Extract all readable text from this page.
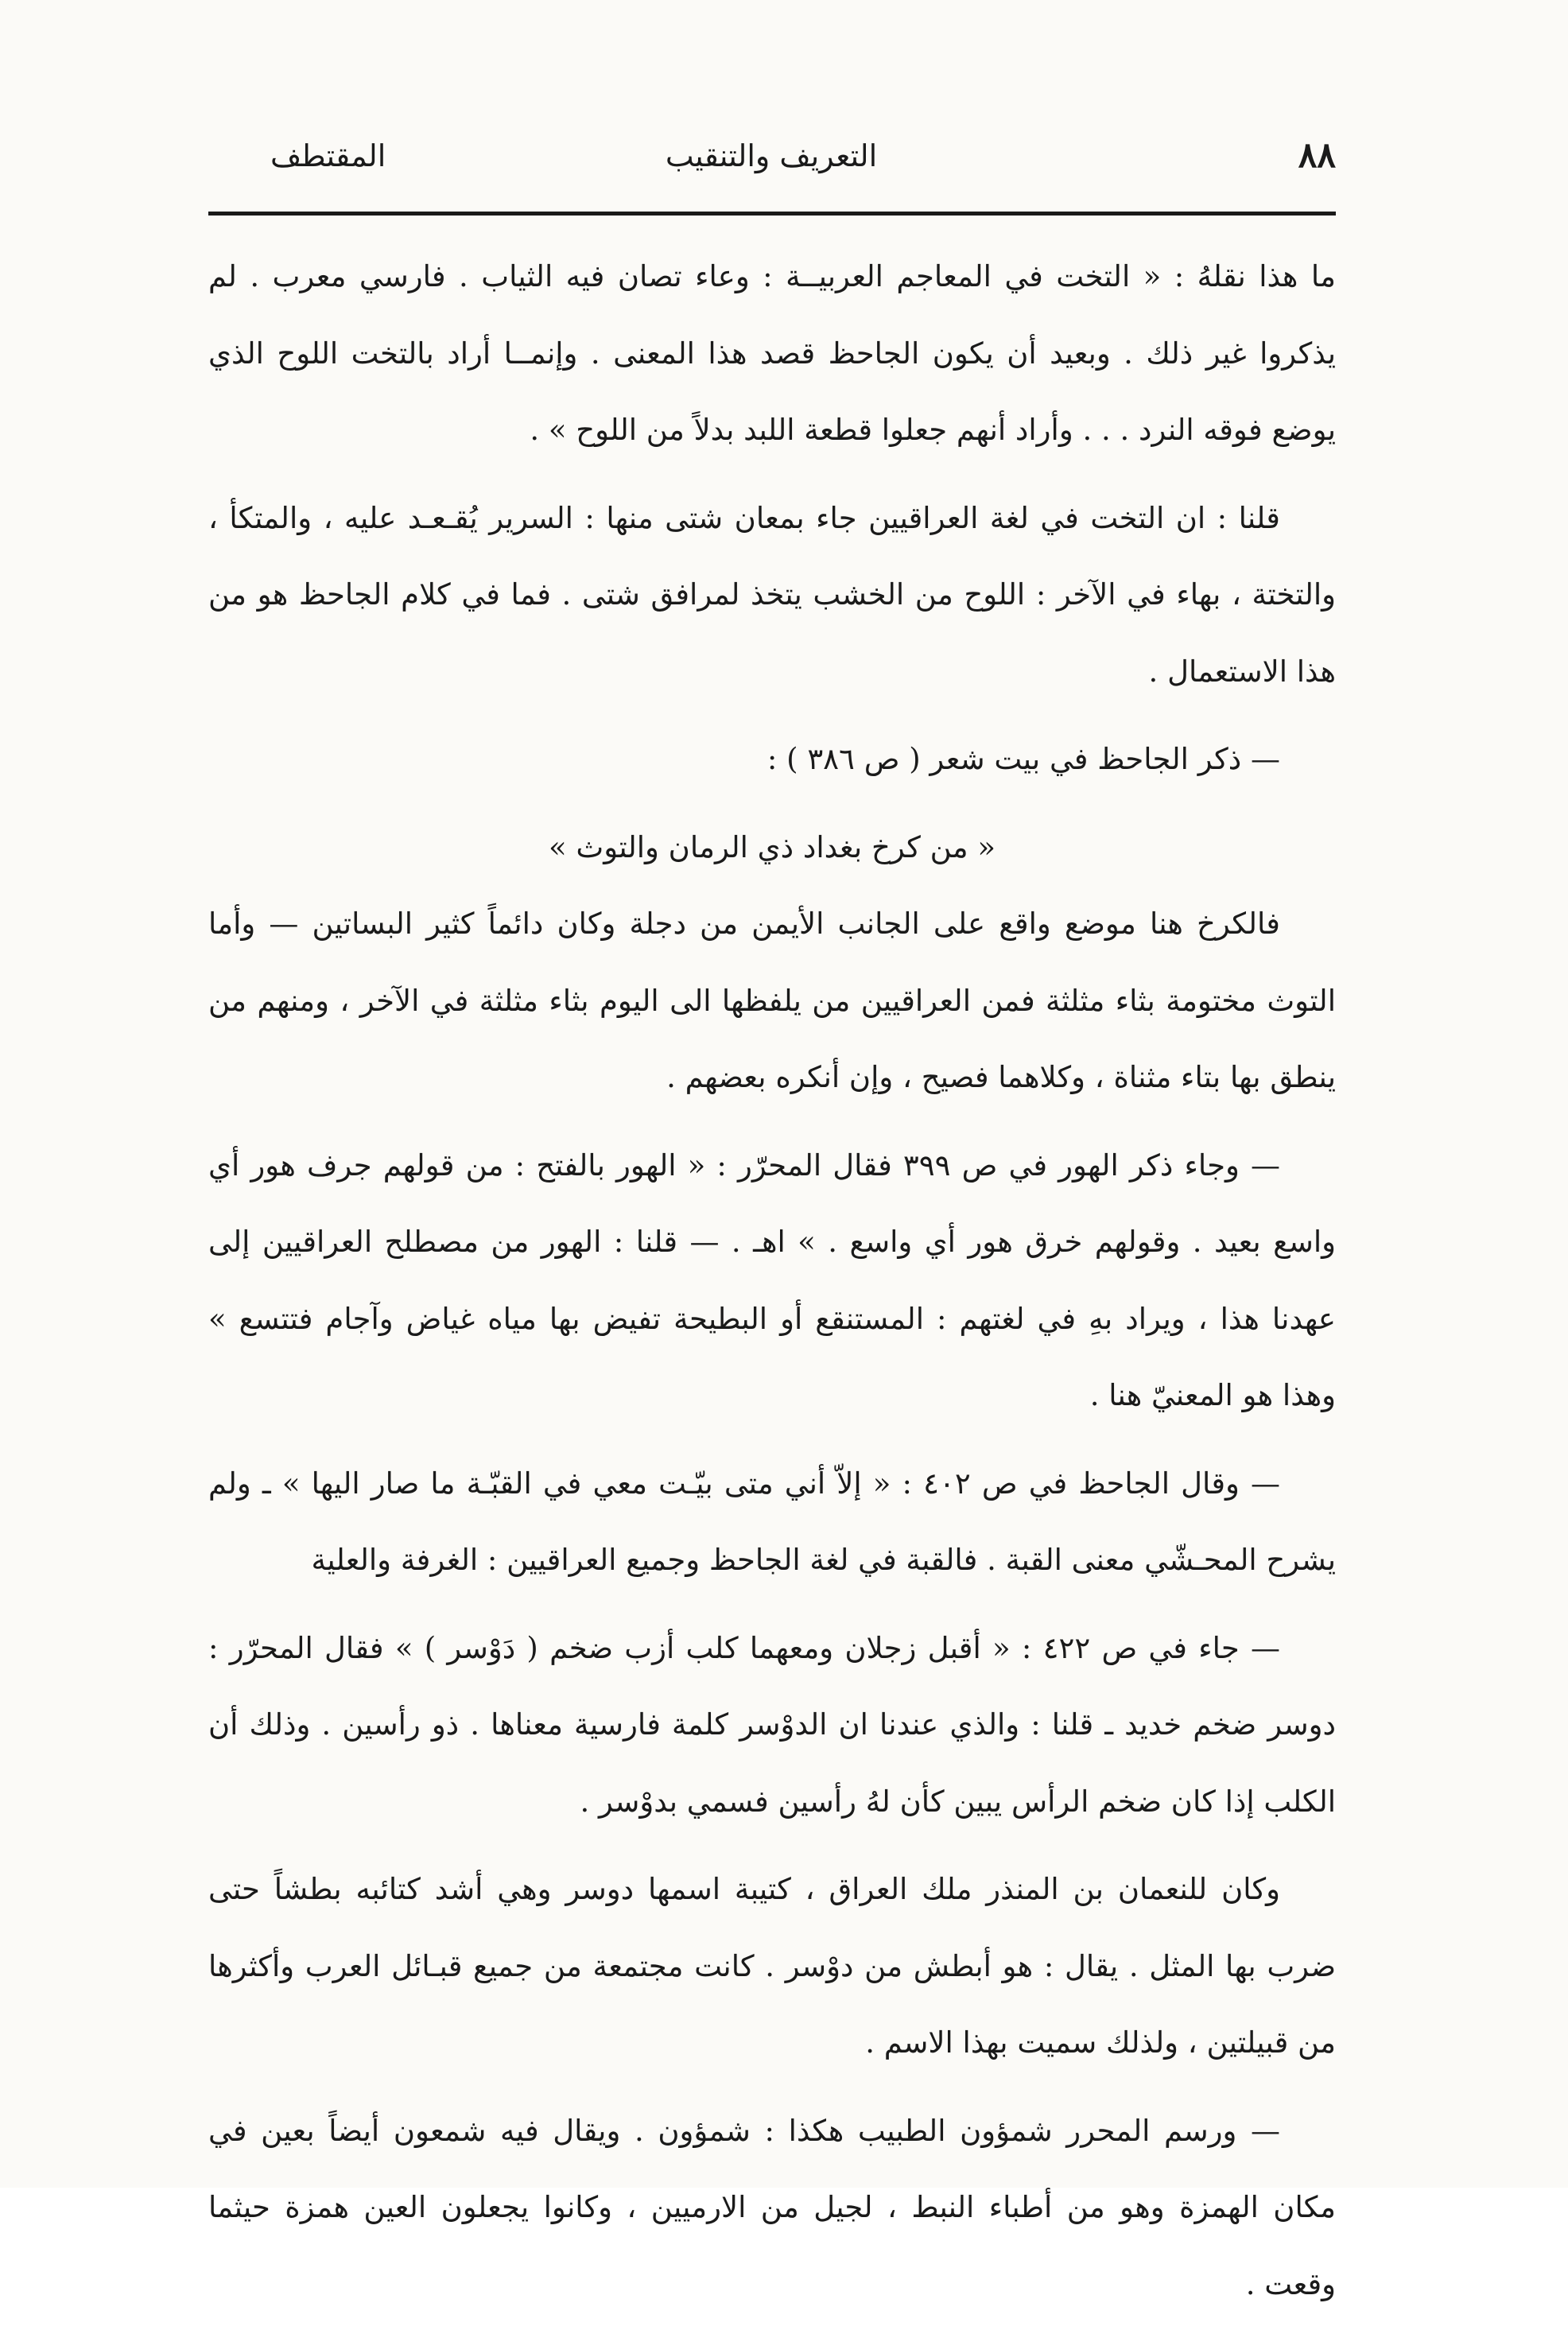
٨٨
التعريف والتنقيب
المقتطف

ما هذا نقلهُ : « التخت في المعاجم العربيــة : وعاء تصان فيه الثياب . فارسي معرب . لم يذكروا غير ذلك . وبعيد أن يكون الجاحظ قصد هذا المعنى . وإنمــا أراد بالتخت اللوح الذي يوضع فوقه النرد . . . وأراد أنهم جعلوا قطعة اللبد بدلاً من اللوح » .

قلنا : ان التخت في لغة العراقيين جاء بمعان شتى منها : السرير يُقـعـد عليه ، والمتكأ ، والتختة ، بهاء في الآخر : اللوح من الخشب يتخذ لمرافق شتى . فما في كلام الجاحظ هو من هذا الاستعمال .

— ذكر الجاحظ في بيت شعر ( ص ٣٨٦ ) :

« من كرخ بغداد ذي الرمان والتوث »

فالكرخ هنا موضع واقع على الجانب الأيمن من دجلة وكان دائماً كثير البساتين — وأما التوث مختومة بثاء مثلثة فمن العراقيين من يلفظها الى اليوم بثاء مثلثة في الآخر ، ومنهم من ينطق بها بتاء مثناة ، وكلاهما فصيح ، وإن أنكره بعضهم .

— وجاء ذكر الهور في ص ٣٩٩ فقال المحرّر : « الهور بالفتح : من قولهم جرف هور أي واسع بعيد . وقولهم خرق هور أي واسع . » اهـ . — قلنا : الهور من مصطلح العراقيين إلى عهدنا هذا ، ويراد بهِ في لغتهم : المستنقع أو البطيحة تفيض بها مياه غياض وآجام فتتسع » وهذا هو المعنيّ هنا .

— وقال الجاحظ في ص ٤٠٢ : « إلاّ أني متى بيّـت معي في القبّـة ما صار اليها » ـ ولم يشرح المحـشّي معنى القبة . فالقبة في لغة الجاحظ وجميع العراقيين : الغرفة والعلية

— جاء في ص ٤٢٢ : « أقبل زجلان ومعهما كلب أزب ضخم ( دَوْسر ) » فقال المحرّر : دوسر ضخم خديد ـ قلنا : والذي عندنا ان الدوْسر كلمة فارسية معناها . ذو رأسين . وذلك أن الكلب إذا كان ضخم الرأس يبين كأن لهُ رأسين فسمي بدوْسر .

وكان للنعمان بن المنذر ملك العراق ، كتيبة اسمها دوسر وهي أشد كتائبه بطشاً حتى ضرب بها المثل . يقال : هو أبطش من دوْسر . كانت مجتمعة من جميع قبـائل العرب وأكثرها من قبيلتين ، ولذلك سميت بهذا الاسم .

— ورسم المحرر شمؤون الطبيب هكذا : شمؤون . ويقال فيه شمعون أيضاً بعين في مكان الهمزة وهو من أطباء النبط ، لجيل من الارميين ، وكانوا يجعلون العين همزة حيثما وقعت .
